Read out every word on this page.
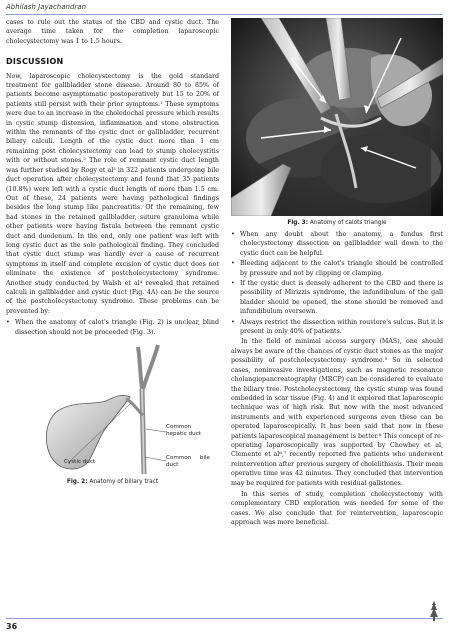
Abhilash Jayachandran

cases to rule out the status of the CBD and cystic duct. The average time taken for the completion laparoscopic cholecystectomy was 1 to 1.5 hours.

DISCUSSION

Now, laparoscopic cholecystectomy is the gold standard treatment for gallbladder stone disease. Around 80 to 85% of patients become asymptomatic postoperatively but 15 to 20% of patients still persist with their prior symptoms.¹ These symptoms were due to an increase in the choledochal pressure which results in cystic stump distension, inflammation and stone obstruction within the remnants of the cystic duct or gallbladder, recurrent biliary calculi. Length of the cystic duct more than 1 cm remaining post cholecystectomy can lead to stump cholecystitis with or without stones.² The role of remnant cystic duct length was further studied by Rogy et al³ in 322 patients undergoing bile duct operation after cholecystectomy and found that 35 patients (10.8%) were left with a cystic duct length of more than 1.5 cm. Out of these, 24 patients were having pathological findings besides the long stump like pancreatitis. Of the remaining, few had stones in the retained gallbladder, suture granuloma while other patients were having fistula between the remnant cystic duct and duodenum. In the end, only one patient was left with long cystic duct as the sole pathological finding. They concluded that cystic duct stump was hardly ever a cause of recurrent symptoms in itself and complete excision of cystic duct does not eliminate the existence of postcholecystectomy syndrome. Another study conducted by Walsh et al⁴ revealed that retained calculi in gallbladder and cystic duct (Fig. 4A) can be the source of the postcholecystectomy syndrome. These problems can be prevented by:

• When the anatomy of calot's triangle (Fig. 2) is unclear, blind dissection should not be proceeded (Fig. 3).
Cystic duct
Common hepatic duct
Common bile duct
Fig. 2: Anatomy of biliary tract
Fig. 3: Anatomy of calots triangle
• When any doubt about the anatomy, a fundus first cholecystectomy dissection on gallbladder wall down to the cystic duct can be helpful.
• Bleeding adjacent to the calot's triangle should be controlled by pressure and not by clipping or clamping.
• If the cystic duct is densely adherent to the CBD and there is possibility of Mirizzis syndrome, the infundibulum of the gall bladder should be opened, the stone should be removed and infundibulum oversewn.
• Always restrict the dissection within rouviere's sulcus. But it is present in only 40% of patients.

In the field of minimal access surgery (MAS), one should always be aware of the chances of cystic duct stones as the major possibility of postcholecystectomy syndrome.⁵ So in selected cases, noninvasive investigations, such as magnetic resonance cholangiopancreatography (MRCP) can be considered to evaluate the biliary tree. Postcholecystectomy, the cystic stump was found embedded in scar tissue (Fig. 4) and it explored that laparoscopic technique was of high risk. But now with the most advanced instruments and with experienced surgeons even these can be operated laparoscopically. It has been said that now in these patients laparoscopical management is better.⁶ This concept of re-operating laparoscopically was supported by Chowbey et al, Clemente et al⁶,⁷ recently reported five patients who underwent reintervention after previous surgery of cholelithiasis. Their mean operative time was 42 minutes. They concluded that intervention may be required for patients with residual gallstones.

In this series of study, completion cholecystectomy with complementary CBD exploration was needed for some of the cases. We also conclude that for reintervention, laparoscopic approach was more beneficial.

36
